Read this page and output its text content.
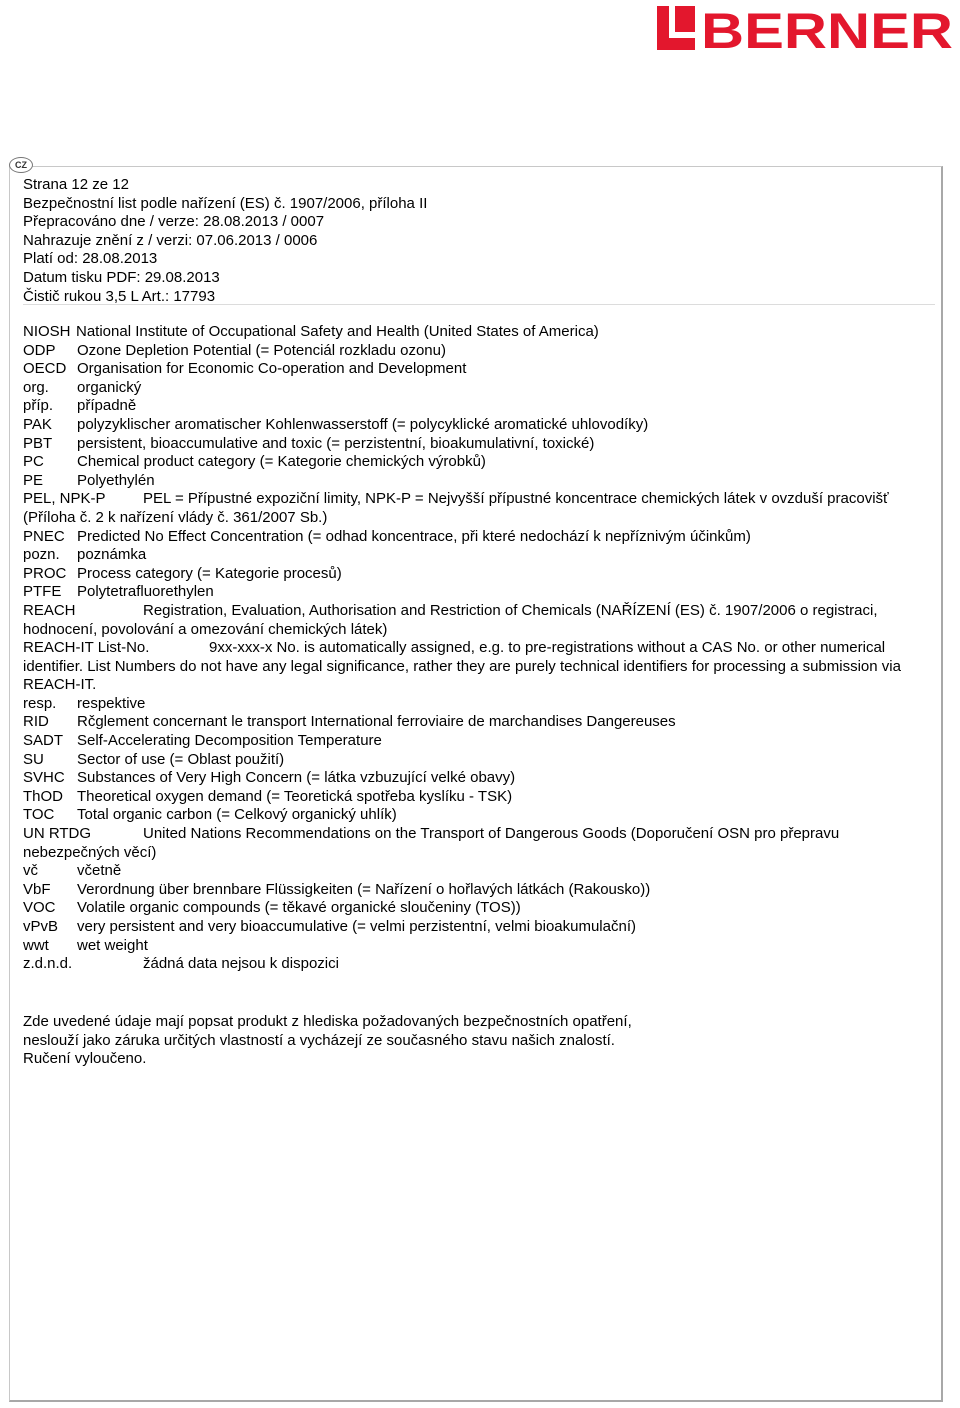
BERNER
CZ
Strana 12 ze 12
Bezpečnostní list podle nařízení (ES) č. 1907/2006, příloha II
Přepracováno dne / verze: 28.08.2013 / 0007
Nahrazuje znění z / verzi: 07.06.2013 / 0006
Platí od: 28.08.2013
Datum tisku PDF: 29.08.2013
Čistič rukou 3,5 L Art.: 17793
NIOSH National Institute of Occupational Safety and Health (United States of America)
ODP	Ozone Depletion Potential (= Potenciál rozkladu ozonu)
OECD Organisation for Economic Co-operation and Development
org.	organický
příp.	případně
PAK	polyzyklischer aromatischer Kohlenwasserstoff (= polycyklické aromatické uhlovodíky)
PBT	persistent, bioaccumulative and toxic (= perzistentní, bioakumulativní, toxické)
PC	Chemical product category (= Kategorie chemických výrobků)
PE	Polyethylén
PEL, NPK-P	PEL = Přípustné expoziční limity, NPK-P = Nejvyšší přípustné koncentrace chemických látek v ovzduší pracovišť (Příloha č. 2 k nařízení vlády č. 361/2007 Sb.)
PNEC Predicted No Effect Concentration (= odhad koncentrace, při které nedochází k nepříznivým účinkům)
pozn.	poznámka
PROC Process category (= Kategorie procesů)
PTFE	Polytetrafluorethylen
REACH	Registration, Evaluation, Authorisation and Restriction of Chemicals (NAŘÍZENÍ (ES) č. 1907/2006 o registraci, hodnocení, povolování a omezování chemických látek)
REACH-IT List-No.	9xx-xxx-x No. is automatically assigned, e.g. to pre-registrations without a CAS No. or other numerical identifier. List Numbers do not have any legal significance, rather they are purely technical identifiers for processing a submission via REACH-IT.
resp.	respektive
RID	Rčglement concernant le transport International ferroviaire de marchandises Dangereuses
SADT Self-Accelerating Decomposition Temperature
SU	Sector of use (= Oblast použití)
SVHC Substances of Very High Concern (= látka vzbuzující velké obavy)
ThOD Theoretical oxygen demand (= Teoretická spotřeba kyslíku - TSK)
TOC	Total organic carbon (= Celkový organický uhlík)
UN RTDG	United Nations Recommendations on the Transport of Dangerous Goods (Doporučení OSN pro přepravu nebezpečných věcí)
vč	včetně
VbF	Verordnung über brennbare Flüssigkeiten (= Nařízení o hořlavých látkách (Rakousko))
VOC	Volatile organic compounds (= těkavé organické sloučeniny (TOS))
vPvB	very persistent and very bioaccumulative (= velmi perzistentní, velmi bioakumulační)
wwt	wet weight
z.d.n.d.	žádná data nejsou k dispozici
Zde uvedené údaje mají popsat produkt z hlediska požadovaných bezpečnostních opatření,
neslouží jako záruka určitých vlastností a vycházejí ze současného stavu našich znalostí.
Ručení vyloučeno.
